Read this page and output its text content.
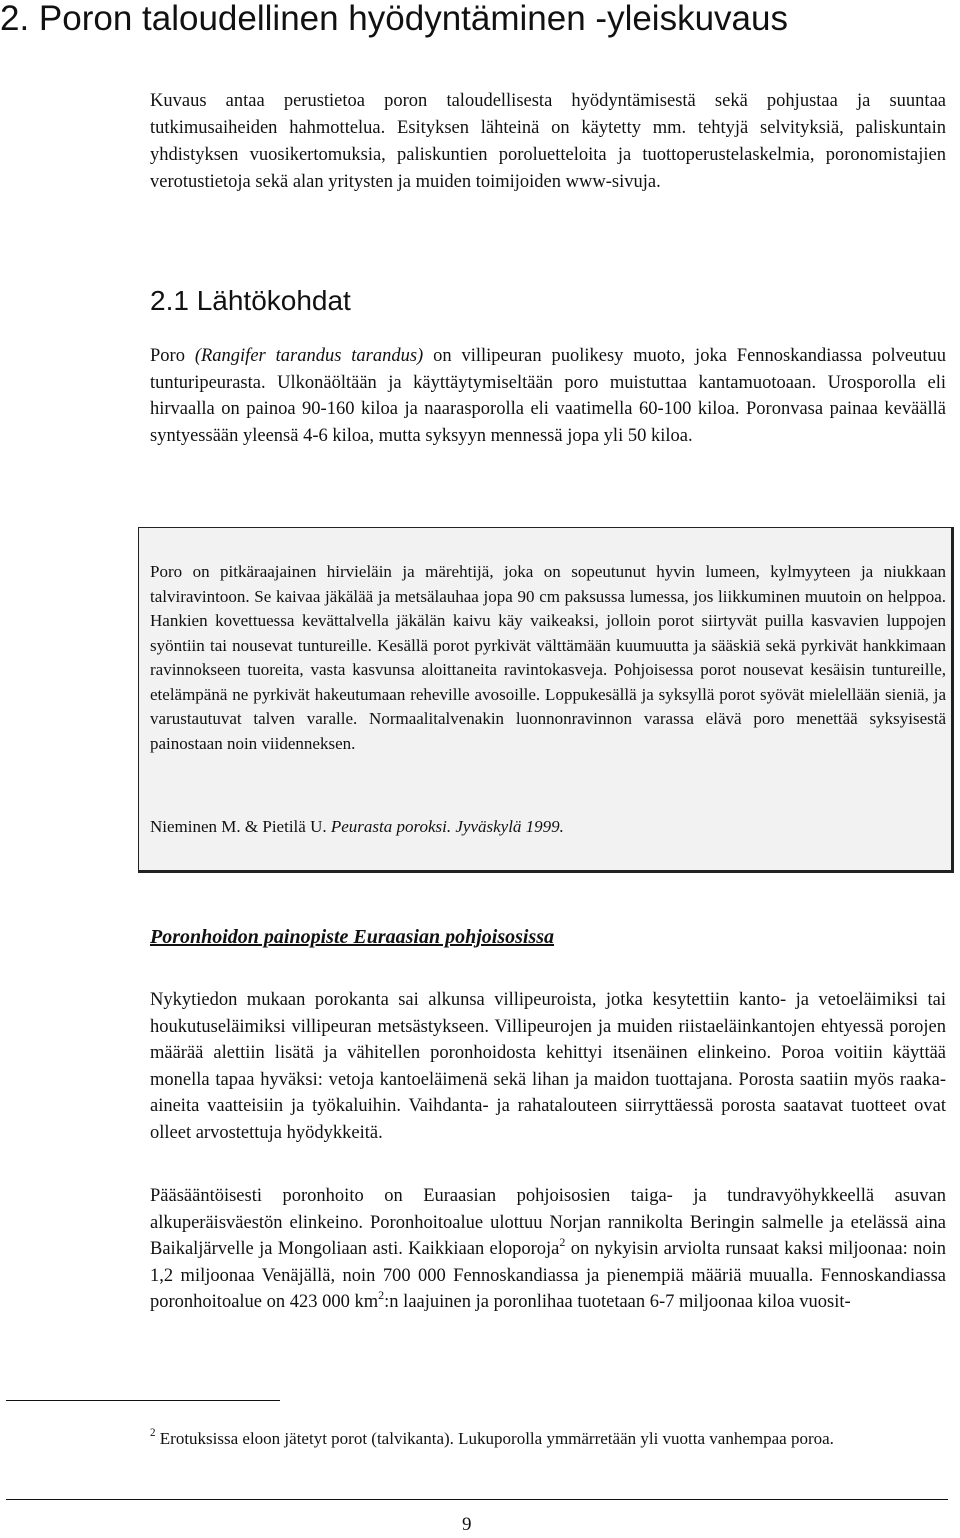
2. Poron taloudellinen hyödyntäminen -yleiskuvaus
Kuvaus antaa perustietoa poron taloudellisesta hyödyntämisestä sekä pohjustaa ja suuntaa tutkimusaiheiden hahmottelua. Esityksen lähteinä on käytetty mm. tehtyjä selvityksiä, paliskuntain yhdistyksen vuosikertomuksia, paliskuntien poroluetteloita ja tuottoperustelaskelmia, poronomistajien verotustietoja sekä alan yritysten ja muiden toimijoiden www-sivuja.
2.1 Lähtökohdat
Poro (Rangifer tarandus tarandus) on villipeuran puolikesy muoto, joka Fennoskandiassa polveutuu tunturipeurasta. Ulkonäöltään ja käyttäytymiseltään poro muistuttaa kantamuotoaan. Urosporolla eli hirvaalla on painoa 90-160 kiloa ja naarasporolla eli vaatimella 60-100 kiloa. Poronvasa painaa keväällä syntyessään yleensä 4-6 kiloa, mutta syksyyn mennessä jopa yli 50 kiloa.
Poro on pitkäraajainen hirvieläin ja märehtijä, joka on sopeutunut hyvin lumeen, kylmyyteen ja niukkaan talviravintoon. Se kaivaa jäkälää ja metsälauhaa jopa 90 cm paksussa lumessa, jos liikkuminen muutoin on helppoa. Hankien kovettuessa kevättalvella jäkälän kaivu käy vaikeaksi, jolloin porot siirtyvät puilla kasvavien luppojen syöntiin tai nousevat tuntureille. Kesällä porot pyrkivät välttämään kuumuutta ja sääskiä sekä pyrkivät hankkimaan ravinnokseen tuoreita, vasta kasvunsa aloittaneita ravintokasveja. Pohjoisessa porot nousevat kesäisin tuntureille, etelämpänä ne pyrkivät hakeutumaan reheville avosoille. Loppukesällä ja syksyllä porot syövät mielellään sieniä, ja varustautuvat talven varalle. Normaalitalvenakin luonnonravinnon varassa elävä poro menettää syksyisestä painostaan noin viidenneksen.
Nieminen M. & Pietilä U. Peurasta poroksi. Jyväskylä 1999.
Poronhoidon painopiste Euraasian pohjoisosissa
Nykytiedon mukaan porokanta sai alkunsa villipeuroista, jotka kesytettiin kanto- ja vetoeläimiksi tai houkutuseläimiksi villipeuran metsästykseen. Villipeurojen ja muiden riistaeläinkantojen ehtyessä porojen määrää alettiin lisätä ja vähitellen poronhoidosta kehittyi itsenäinen elinkeino. Poroa voitiin käyttää monella tapaa hyväksi: vetoja kantoeläimenä sekä lihan ja maidon tuottajana. Porosta saatiin myös raaka-aineita vaatteisiin ja työkaluihin. Vaihdanta- ja rahatalouteen siirryttäessä porosta saatavat tuotteet ovat olleet arvostettuja hyödykkeitä.
Pääsääntöisesti poronhoito on Euraasian pohjoisosien taiga- ja tundravyöhykkeellä asuvan alkuperäisväestön elinkeino. Poronhoitoalue ulottuu Norjan rannikolta Beringin salmelle ja etelässä aina Baikaljärvelle ja Mongoliaan asti. Kaikkiaan eloporoja$^2$ on nykyisin arviolta runsaat kaksi miljoonaa: noin 1,2 miljoonaa Venäjällä, noin 700 000 Fennoskandiassa ja pienempiä määriä muualla. Fennoskandiassa poronhoitoalue on 423 000 $km^2:n$ laajuinen ja poronlihaa tuotetaan 6-7 miljoonaa kiloa vuosit-
$^2$ Erotuksissa eloon jätetyt porot (talvikanta). Lukuporolla ymmärretään yli vuotta vanhempaa poroa.
9
